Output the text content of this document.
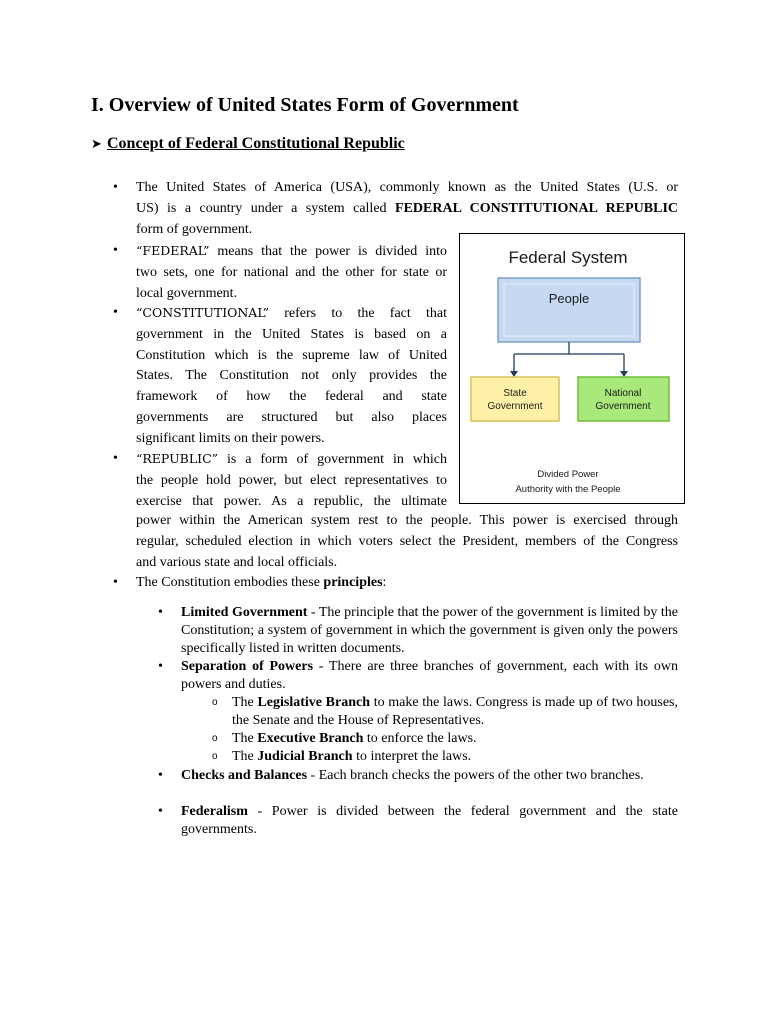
I. Overview of United States Form of Government
➤ Concept of Federal Constitutional Republic
• The United States of America (USA), commonly known as the United States (U.S. or
US) is a country under a system called FEDERAL CONSTITUTIONAL REPUBLIC
form of government.
• “FEDERAL” means that the power is divided into
two sets, one for national and the other for state or
local government.
• “CONSTITUTIONAL” refers to the fact that
government in the United States is based on a
Constitution which is the supreme law of United
States. The Constitution not only provides the
framework of how the federal and state
governments are structured but also places
significant limits on their powers.
• “REPUBLIC” is a form of government in which
the people hold power, but elect representatives to
exercise that power. As a republic, the ultimate
power within the American system rest to the people. This power is exercised through
regular, scheduled election in which voters select the President, members of the Congress
and various state and local officials.
• The Constitution embodies these principles:
• Limited Government - The principle that the power of the government is limited by the Constitution; a system of government in which the government is given only the powers specifically listed in written documents.
• Separation of Powers - There are three branches of government, each with its own powers and duties.
o The Legislative Branch to make the laws. Congress is made up of two houses, the Senate and the House of Representatives.
o The Executive Branch to enforce the laws.
o The Judicial Branch to interpret the laws.
• Checks and Balances - Each branch checks the powers of the other two branches.
• Federalism - Power is divided between the federal government and the state governments.
Federal System
People
State
Government
National
Government
Divided Power
Authority with the People
